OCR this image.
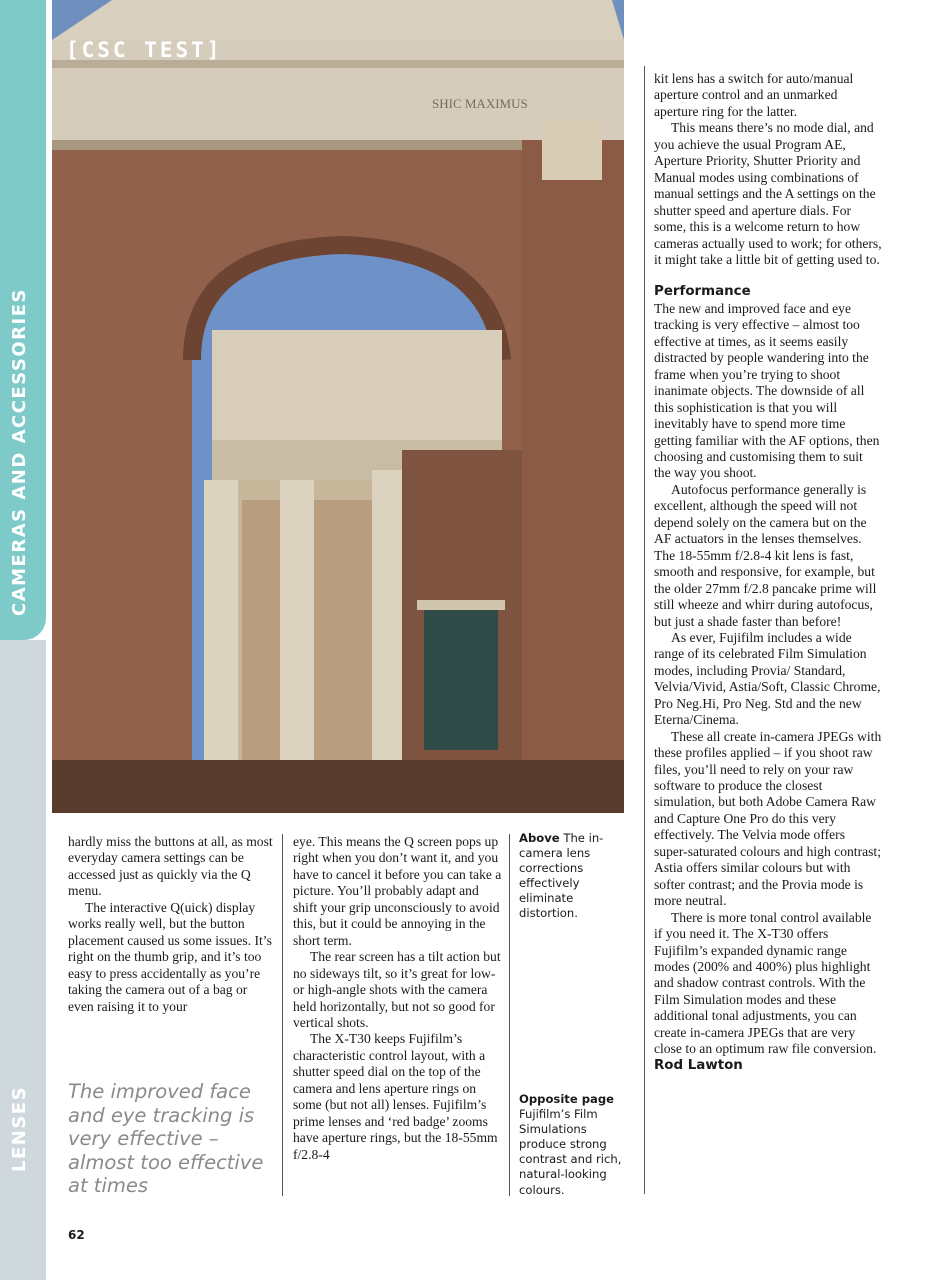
CAMERAS AND ACCESSORIES
LENSES
SHIC MAXIMUS
[CSC TEST]

hardly miss the buttons at all, as most everyday camera settings can be accessed just as quickly via the Q menu.

The interactive Q(uick) display works really well, but the button placement caused us some issues. It’s right on the thumb grip, and it’s too easy to press accidentally as you’re taking the camera out of a bag or even raising it to your

The improved face and eye tracking is very effective – almost too effective at times

eye. This means the Q screen pops up right when you don’t want it, and you have to cancel it before you can take a picture. You’ll probably adapt and shift your grip unconsciously to avoid this, but it could be annoying in the short term.

The rear screen has a tilt action but no sideways tilt, so it’s great for low- or high-angle shots with the camera held horizontally, but not so good for vertical shots.

The X-T30 keeps Fujifilm’s characteristic control layout, with a shutter speed dial on the top of the camera and lens aperture rings on some (but not all) lenses. Fujifilm’s prime lenses and ‘red badge’ zooms have aperture rings, but the 18-55mm f/2.8-4

Above The in-camera lens corrections effectively eliminate distortion.
Opposite page
Fujifilm’s Film Simulations produce strong contrast and rich, natural-looking colours.

kit lens has a switch for auto/manual aperture control and an unmarked aperture ring for the latter.

This means there’s no mode dial, and you achieve the usual Program AE, Aperture Priority, Shutter Priority and Manual modes using combinations of manual settings and the A settings on the shutter speed and aperture dials. For some, this is a welcome return to how cameras actually used to work; for others, it might take a little bit of getting used to.

Performance

The new and improved face and eye tracking is very effective – almost too effective at times, as it seems easily distracted by people wandering into the frame when you’re trying to shoot inanimate objects. The downside of all this sophistication is that you will inevitably have to spend more time getting familiar with the AF options, then choosing and customising them to suit the way you shoot.

Autofocus performance generally is excellent, although the speed will not depend solely on the camera but on the AF actuators in the lenses themselves. The 18-55mm f/2.8-4 kit lens is fast, smooth and responsive, for example, but the older 27mm f/2.8 pancake prime will still wheeze and whirr during autofocus, but just a shade faster than before!

As ever, Fujifilm includes a wide range of its celebrated Film Simulation modes, including Provia/ Standard, Velvia/Vivid, Astia/Soft, Classic Chrome, Pro Neg.Hi, Pro Neg. Std and the new Eterna/Cinema.

These all create in-camera JPEGs with these profiles applied – if you shoot raw files, you’ll need to rely on your raw software to produce the closest simulation, but both Adobe Camera Raw and Capture One Pro do this very effectively. The Velvia mode offers super-saturated colours and high contrast; Astia offers similar colours but with softer contrast; and the Provia mode is more neutral.

There is more tonal control available if you need it. The X-T30 offers Fujifilm’s expanded dynamic range modes (200% and 400%) plus highlight and shadow contrast controls. With the Film Simulation modes and these additional tonal adjustments, you can create in-camera JPEGs that are very close to an optimum raw file conversion.

Rod Lawton
62
